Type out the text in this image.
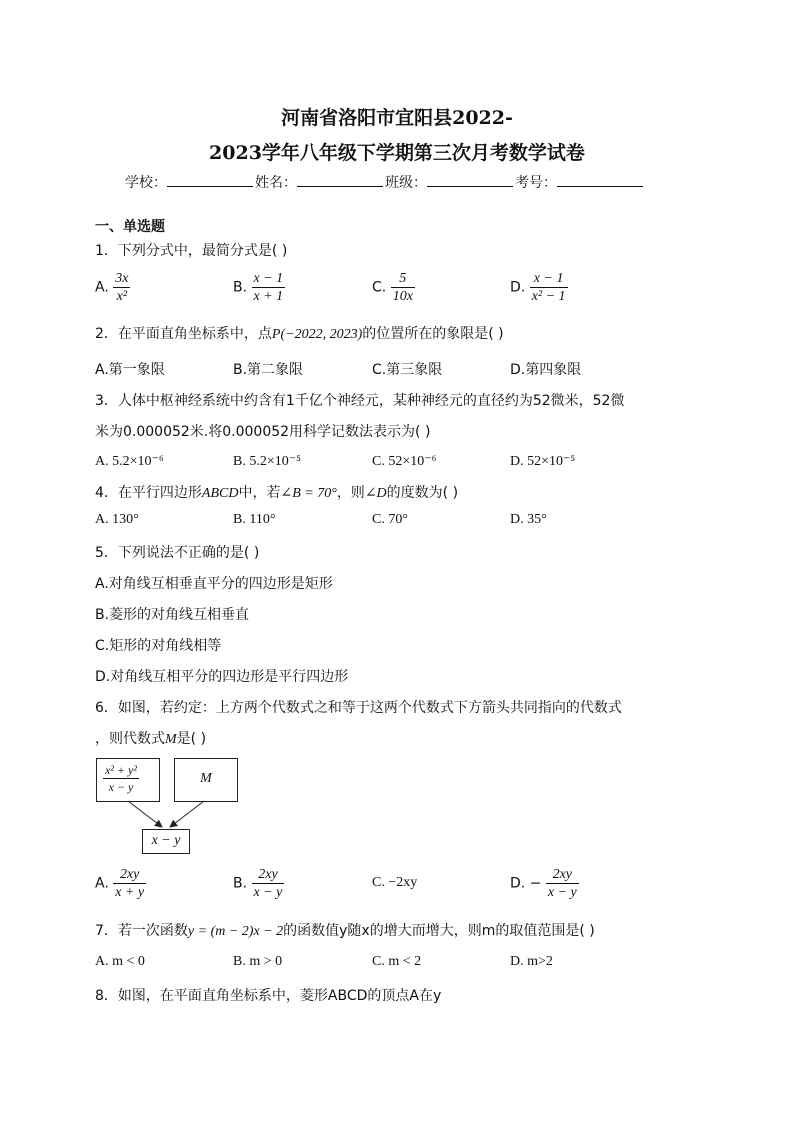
河南省洛阳市宜阳县2022-
2023学年八年级下学期第三次月考数学试卷
学校：	姓名：	班级：	考号：
一、单选题
1．下列分式中，最简分式是( )
A. $\frac{3x}{\text{x²}}$	B. $\frac{x - 1}{x + 1}$	C. $\frac{5}{10x}$	D. $\frac{x - 1}{\text{x² − 1}}$
2．在平面直角坐标系中，点P(−2022, 2023)的位置所在的象限是( )
A.第一象限	B.第二象限	C.第三象限	D.第四象限
3．人体中枢神经系统中约含有1千亿个神经元，某种神经元的直径约为52微米，52微
米为0.000052米.将0.000052用科学记数法表示为( )
A. 5.2×10⁻⁶	B. 5.2×10⁻⁵	C. 52×10⁻⁶	D. 52×10⁻⁵
4．在平行四边形ABCD中，若∠B = 70°，则∠D的度数为( )
A. 130°	B. 110°	C. 70°	D. 35°
5．下列说法不正确的是( )
A.对角线互相垂直平分的四边形是矩形
B.菱形的对角线互相垂直
C.矩形的对角线相等
D.对角线互相平分的四边形是平行四边形
6．如图，若约定：上方两个代数式之和等于这两个代数式下方箭头共同指向的代数式
，则代数式M是( )
$\frac{\text{x² + y²}}{x - y}$	M
x − y
A. $\frac{2xy}{x + y}$	B. $\frac{2xy}{x - y}$	C. −2xy	D. − $\frac{2xy}{x - y}$
7．若一次函数y = (m − 2)x − 2的函数值y随x的增大而增大，则m的取值范围是( )
A. m < 0	B. m > 0	C. m < 2	D. m>2
8．如图，在平面直角坐标系中，菱形ABCD的顶点A在y
